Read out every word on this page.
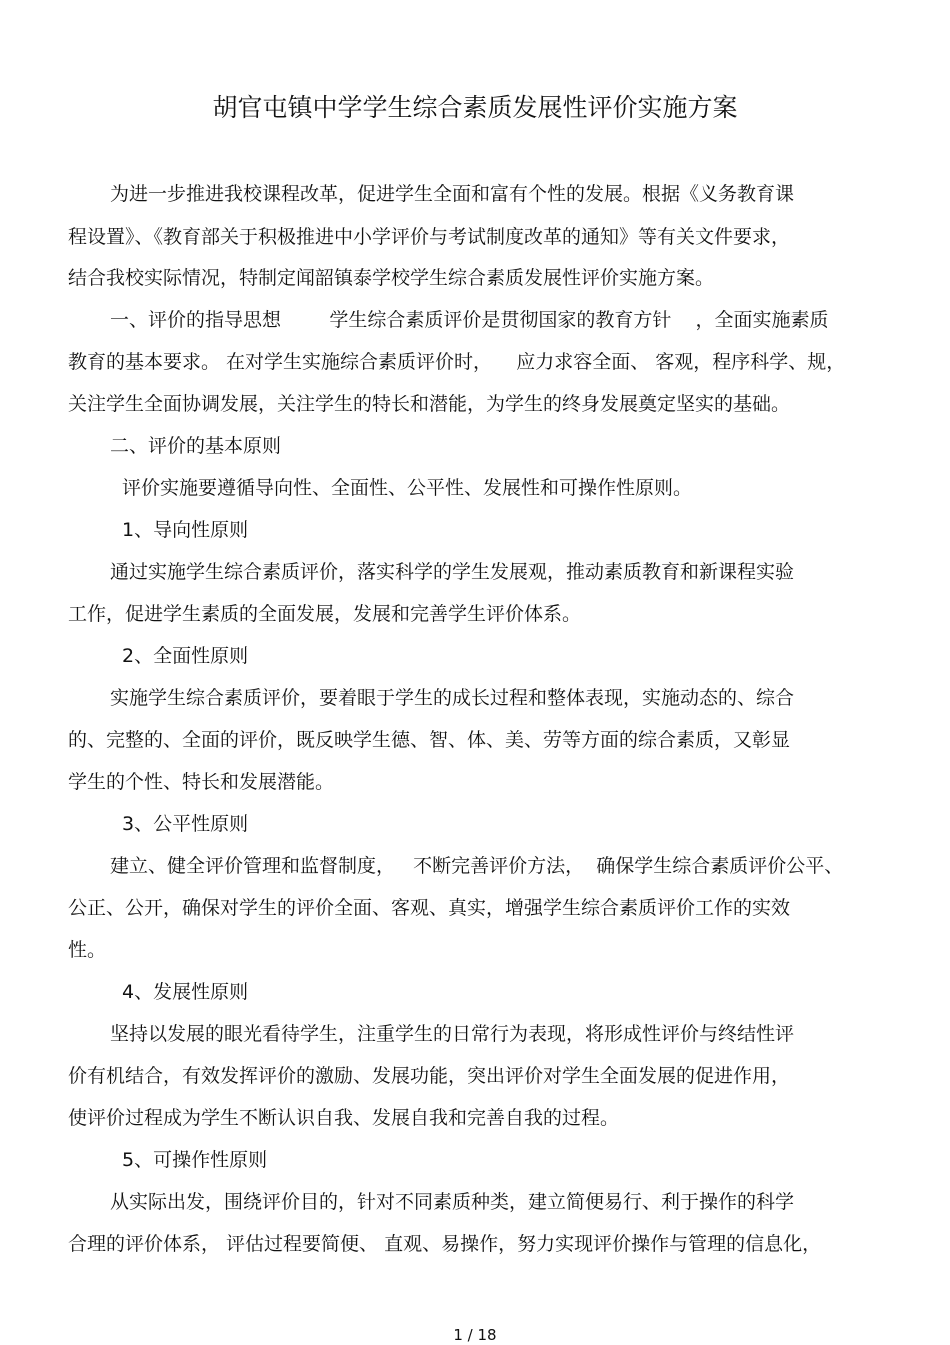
胡官屯镇中学学生综合素质发展性评价实施方案
为进一步推进我校课程改革，促进学生全面和富有个性的发展。根据《义务教育课
程设置》、《教育部关于积极推进中小学评价与考试制度改革的通知》等有关文件要求，
结合我校实际情况，特制定闻韶镇泰学校学生综合素质发展性评价实施方案。
一、评价的指导思想        学生综合素质评价是贯彻国家的教育方针    ，全面实施素质
教育的基本要求。 在对学生实施综合素质评价时，    应力求容全面、 客观，程序科学、规，
关注学生全面协调发展，关注学生的特长和潜能，为学生的终身发展奠定坚实的基础。
二、评价的基本原则
评价实施要遵循导向性、全面性、公平性、发展性和可操作性原则。
1、导向性原则
通过实施学生综合素质评价，落实科学的学生发展观，推动素质教育和新课程实验
工作，促进学生素质的全面发展，发展和完善学生评价体系。
2、全面性原则
实施学生综合素质评价，要着眼于学生的成长过程和整体表现，实施动态的、综合
的、完整的、全面的评价，既反映学生德、智、体、美、劳等方面的综合素质，又彰显
学生的个性、特长和发展潜能。
3、公平性原则
建立、健全评价管理和监督制度，   不断完善评价方法，  确保学生综合素质评价公平、
公正、公开，确保对学生的评价全面、客观、真实，增强学生综合素质评价工作的实效
性。
4、发展性原则
坚持以发展的眼光看待学生，注重学生的日常行为表现，将形成性评价与终结性评
价有机结合，有效发挥评价的激励、发展功能，突出评价对学生全面发展的促进作用，
使评价过程成为学生不断认识自我、发展自我和完善自我的过程。
5、可操作性原则
从实际出发，围绕评价目的，针对不同素质种类，建立简便易行、利于操作的科学
合理的评价体系， 评估过程要简便、 直观、易操作，努力实现评价操作与管理的信息化，
1 / 18
